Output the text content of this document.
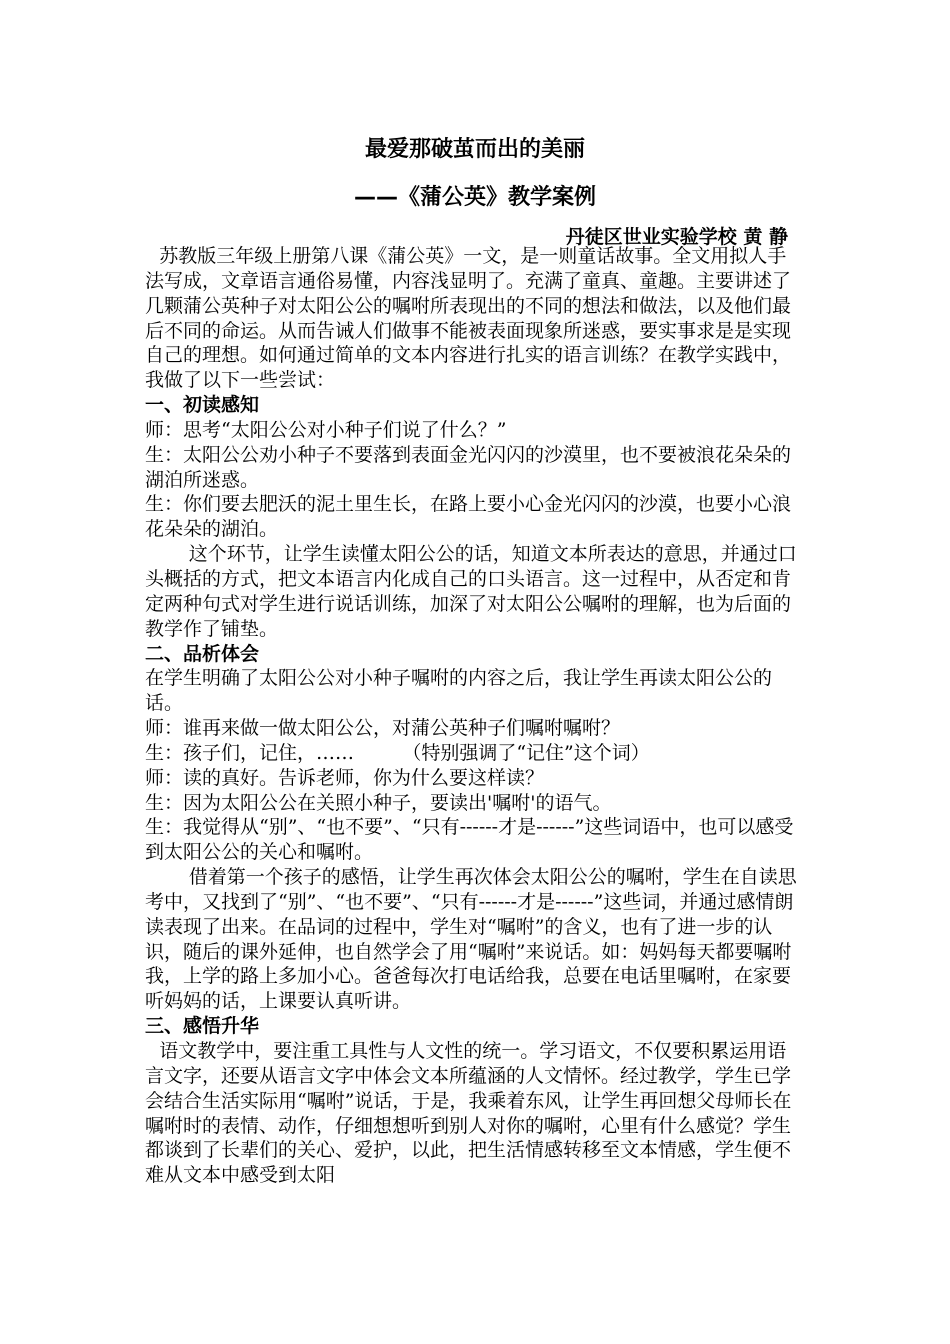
最爱那破茧而出的美丽
——《蒲公英》教学案例
丹徒区世业实验学校 黄 静

苏教版三年级上册第八课《蒲公英》一文，是一则童话故事。全文用拟人手法写成，文章语言通俗易懂，内容浅显明了。充满了童真、童趣。主要讲述了几颗蒲公英种子对太阳公公的嘱咐所表现出的不同的想法和做法，以及他们最后不同的命运。从而告诫人们做事不能被表面现象所迷惑，要实事求是是实现自己的理想。如何通过简单的文本内容进行扎实的语言训练？在教学实践中，我做了以下一些尝试：

一、初读感知

师：思考“太阳公公对小种子们说了什么？”

生：太阳公公劝小种子不要落到表面金光闪闪的沙漠里，也不要被浪花朵朵的湖泊所迷惑。

生：你们要去肥沃的泥土里生长，在路上要小心金光闪闪的沙漠，也要小心浪花朵朵的湖泊。

这个环节，让学生读懂太阳公公的话，知道文本所表达的意思，并通过口头概括的方式，把文本语言内化成自己的口头语言。这一过程中，从否定和肯定两种句式对学生进行说话训练，加深了对太阳公公嘱咐的理解，也为后面的教学作了铺垫。

二、品析体会

在学生明确了太阳公公对小种子嘱咐的内容之后，我让学生再读太阳公公的话。

师：谁再来做一做太阳公公，对蒲公英种子们嘱咐嘱咐？

生：孩子们，记住，……        （特别强调了“记住”这个词）

师：读的真好。告诉老师，你为什么要这样读？

生：因为太阳公公在关照小种子，要读出'嘱咐'的语气。

生：我觉得从“别”、“也不要”、“只有------才是------”这些词语中，也可以感受到太阳公公的关心和嘱咐。

借着第一个孩子的感悟，让学生再次体会太阳公公的嘱咐，学生在自读思考中，又找到了“别”、“也不要”、“只有------才是------”这些词，并通过感情朗读表现了出来。在品词的过程中，学生对“嘱咐”的含义，也有了进一步的认识，随后的课外延伸，也自然学会了用“嘱咐”来说话。如：妈妈每天都要嘱咐我，上学的路上多加小心。爸爸每次打电话给我，总要在电话里嘱咐，在家要听妈妈的话，上课要认真听讲。

三、感悟升华

语文教学中，要注重工具性与人文性的统一。学习语文，不仅要积累运用语言文字，还要从语言文字中体会文本所蕴涵的人文情怀。经过教学，学生已学会结合生活实际用“嘱咐”说话，于是，我乘着东风，让学生再回想父母师长在嘱咐时的表情、动作，仔细想想听到别人对你的嘱咐，心里有什么感觉？学生都谈到了长辈们的关心、爱护，以此，把生活情感转移至文本情感，学生便不难从文本中感受到太阳
